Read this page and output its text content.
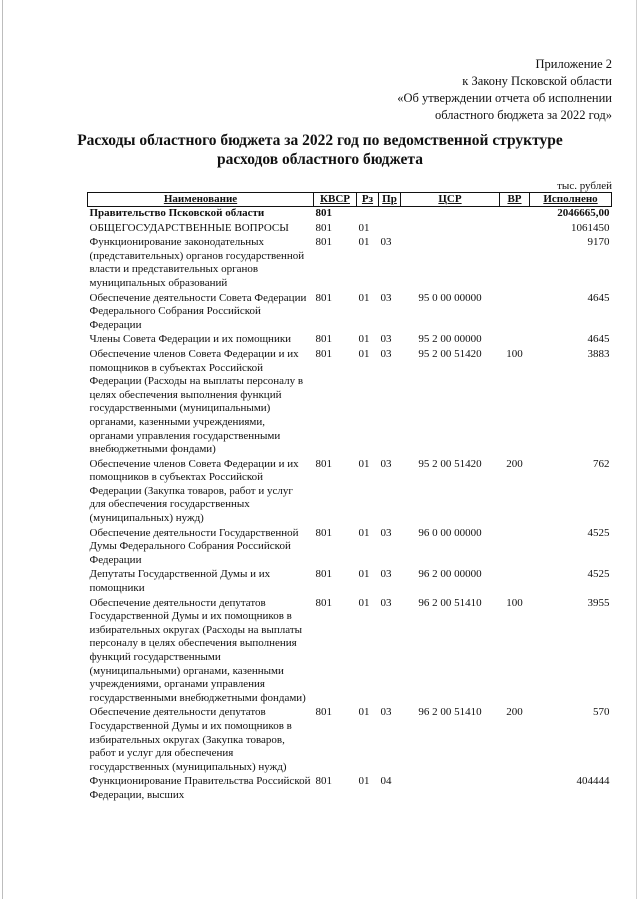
Приложение 2
к Закону Псковской области
«Об утверждении отчета об исполнении
областного бюджета за 2022 год»
Расходы областного бюджета за 2022 год по ведомственной структуре
расходов областного бюджета
тыс. рублей
Наименование	КВСР	Рз	Пр	ЦСР	ВР	Исполнено
Правительство Псковской области	801					2046665,00
ОБЩЕГОСУДАРСТВЕННЫЕ ВОПРОСЫ	801	01				1061450
Функционирование законодательных (представительных) органов государственной власти и представительных органов муниципальных образований	801	01	03			9170
Обеспечение деятельности Совета Федерации Федерального Собрания Российской Федерации	801	01	03	95 0 00 00000		4645
Члены Совета Федерации и их помощники	801	01	03	95 2 00 00000		4645
Обеспечение членов Совета Федерации и их помощников в субъектах Российской Федерации (Расходы на выплаты персоналу в целях обеспечения выполнения функций государственными (муниципальными) органами, казенными учреждениями, органами управления государственными внебюджетными фондами)	801	01	03	95 2 00 51420	100	3883
Обеспечение членов Совета Федерации и их помощников в субъектах Российской Федерации (Закупка товаров, работ и услуг для обеспечения государственных (муниципальных) нужд)	801	01	03	95 2 00 51420	200	762
Обеспечение деятельности Государственной Думы Федерального Собрания Российской Федерации	801	01	03	96 0 00 00000		4525
Депутаты Государственной Думы и их помощники	801	01	03	96 2 00 00000		4525
Обеспечение деятельности депутатов Государственной Думы и их помощников в избирательных округах (Расходы на выплаты персоналу в целях обеспечения выполнения функций государственными (муниципальными) органами, казенными учреждениями, органами управления государственными внебюджетными фондами)	801	01	03	96 2 00 51410	100	3955
Обеспечение деятельности депутатов Государственной Думы и их помощников в избирательных округах (Закупка товаров, работ и услуг для обеспечения государственных (муниципальных) нужд)	801	01	03	96 2 00 51410	200	570
Функционирование Правительства Российской Федерации, высших	801	01	04			404444
